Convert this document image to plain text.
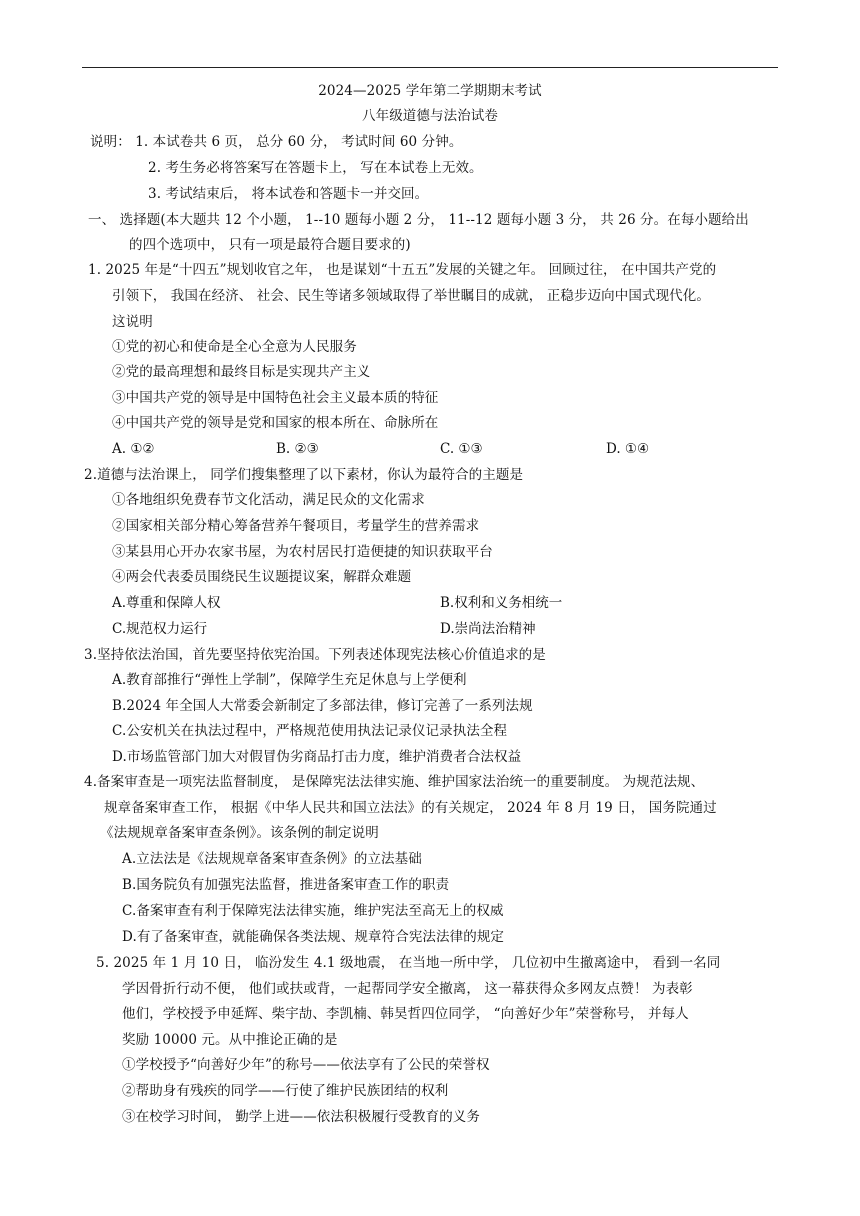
2024—2025 学年第二学期期末考试
八年级道德与法治试卷
说明： 1. 本试卷共 6 页， 总分 60 分， 考试时间 60 分钟。
2. 考生务必将答案写在答题卡上， 写在本试卷上无效。
3. 考试结束后， 将本试卷和答题卡一并交回。
一、 选择题(本大题共 12 个小题， 1--10 题每小题 2 分， 11--12 题每小题 3 分， 共 26 分。在每小题给出
的四个选项中， 只有一项是最符合题目要求的)
1. 2025 年是“十四五”规划收官之年， 也是谋划“十五五”发展的关键之年。 回顾过往， 在中国共产党的
引领下， 我国在经济、 社会、民生等诸多领域取得了举世瞩目的成就， 正稳步迈向中国式现代化。
这说明
①党的初心和使命是全心全意为人民服务
②党的最高理想和最终目标是实现共产主义
③中国共产党的领导是中国特色社会主义最本质的特征
④中国共产党的领导是党和国家的根本所在、命脉所在
A. ①②	B. ②③	C. ①③	D. ①④
2.道德与法治课上， 同学们搜集整理了以下素材，你认为最符合的主题是
①各地组织免费春节文化活动，满足民众的文化需求
②国家相关部分精心筹备营养午餐项目，考量学生的营养需求
③某县用心开办农家书屋，为农村居民打造便捷的知识获取平台
④两会代表委员围绕民生议题提议案，解群众难题
A.尊重和保障人权	B.权利和义务相统一
C.规范权力运行	D.崇尚法治精神
3.坚持依法治国，首先要坚持依宪治国。下列表述体现宪法核心价值追求的是
A.教育部推行“弹性上学制”，保障学生充足休息与上学便利
B.2024 年全国人大常委会新制定了多部法律，修订完善了一系列法规
C.公安机关在执法过程中，严格规范使用执法记录仪记录执法全程
D.市场监管部门加大对假冒伪劣商品打击力度，维护消费者合法权益
4.备案审查是一项宪法监督制度， 是保障宪法法律实施、维护国家法治统一的重要制度。 为规范法规、
规章备案审查工作， 根据《中华人民共和国立法法》的有关规定， 2024 年 8 月 19 日， 国务院通过
《法规规章备案审查条例》。该条例的制定说明
A.立法法是《法规规章备案审查条例》的立法基础
B.国务院负有加强宪法监督，推进备案审查工作的职责
C.备案审查有利于保障宪法法律实施，维护宪法至高无上的权威
D.有了备案审查，就能确保各类法规、规章符合宪法法律的规定
5. 2025 年 1 月 10 日， 临汾发生 4.1 级地震， 在当地一所中学， 几位初中生撤离途中， 看到一名同
学因骨折行动不便， 他们或扶或背，一起帮同学安全撤离， 这一幕获得众多网友点赞！ 为表彰
他们，学校授予申延辉、柴宇劼、李凯楠、韩昊哲四位同学， “向善好少年”荣誉称号， 并每人
奖励 10000 元。从中推论正确的是
①学校授予“向善好少年”的称号——依法享有了公民的荣誉权
②帮助身有残疾的同学——行使了维护民族团结的权利
③在校学习时间， 勤学上进——依法积极履行受教育的义务
